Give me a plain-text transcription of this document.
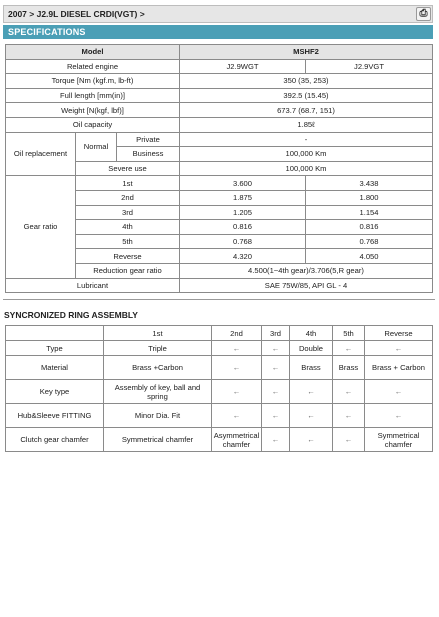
2007 > J2.9L DIESEL CRDI(VGT) >	⎙
SPECIFICATIONS
Model			MSHF2	
Related engine			J2.9WGT	J2.9VGT
Torque [Nm (kgf.m, lb-ft)			350 (35, 253)	
Full length [mm(in)]			392.5 (15.45)	
Weight [N(kgf, lbf)]			673.7 (68.7, 151)	
Oil capacity			1.85ℓ	
Oil replacement	Normal	Private	-	
		Business	100,000 Km	
	Severe use		100,000 Km	
Gear ratio	1st		3.600	3.438
	2nd		1.875	1.800
	3rd		1.205	1.154
	4th		0.816	0.816
	5th		0.768	0.768
	Reverse		4.320	4.050
	Reduction gear ratio		4.500(1~4th gear)/3.706(5,R gear)	
Lubricant			SAE 75W/85, API GL - 4	
SYNCRONIZED RING ASSEMBLY
	1st	2nd	3rd	4th	5th	Reverse
Type	Triple	←	←	Double	←	←
Material	Brass +Carbon	←	←	Brass	Brass	Brass + Carbon
Key type	Assembly of key, ball and spring	←	←	←	←	←
Hub&Sleeve FITTING	Minor Dia. Fit	←	←	←	←	←
Clutch gear chamfer	Symmetrical chamfer	Asymmetrical chamfer	←	←	←	Symmetrical chamfer
